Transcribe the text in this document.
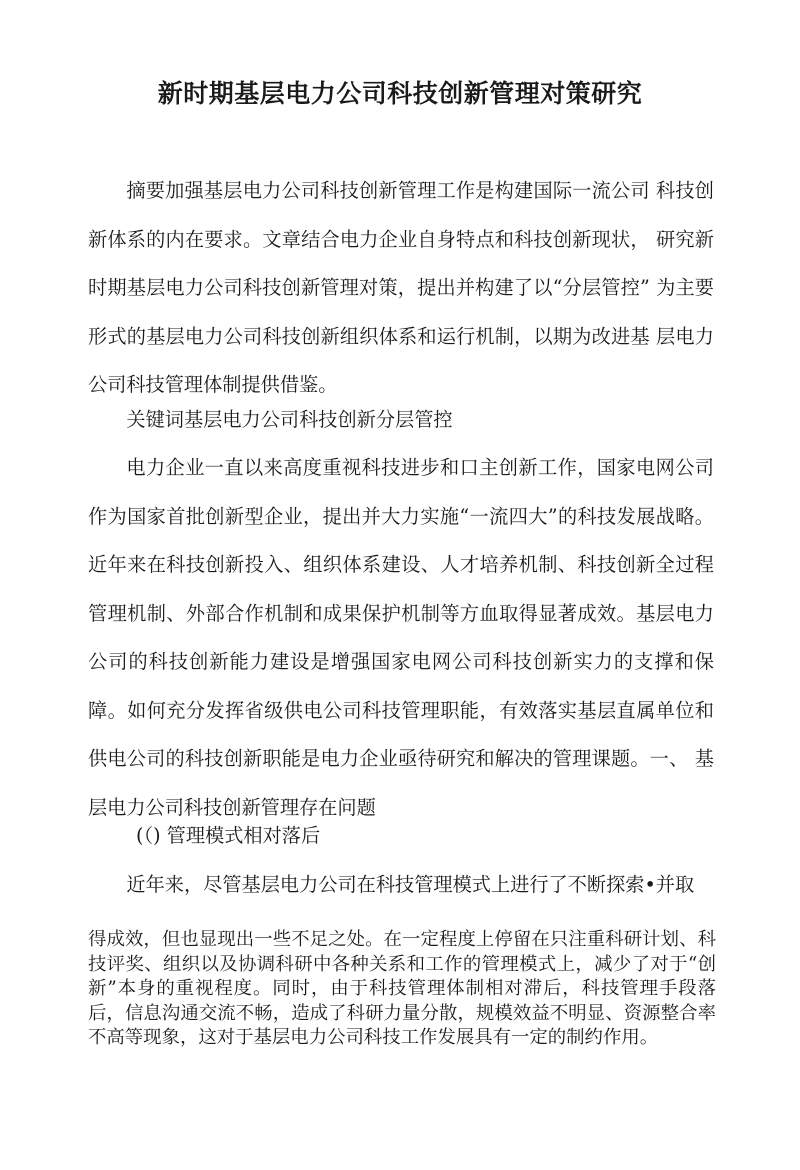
新时期基层电力公司科技创新管理对策研究

摘要加强基层电力公司科技创新管理工作是构建国际一流公司 科技创新体系的内在要求。文章结合电力企业自身特点和科技创新现状， 研究新时期基层电力公司科技创新管理对策，提出并构建了以“分层管控” 为主要形式的基层电力公司科技创新组织体系和运行机制，以期为改进基 层电力公司科技管理体制提供借鉴。

关键词基层电力公司科技创新分层管控

电力企业一直以来高度重视科技进步和口主创新工作，国家电网公司作为国家首批创新型企业，提出并大力实施“一流四大”的科技发展战略。近年来在科技创新投入、组织体系建设、人才培养机制、科技创新全过程管理机制、外部合作机制和成果保护机制等方血取得显著成效。基层电力公司的科技创新能力建设是增强国家电网公司科技创新实力的支撑和保障。如何充分发挥省级供电公司科技管理职能，有效落实基层直属单位和供电公司的科技创新职能是电力企业亟待研究和解决的管理课题。一、 基层电力公司科技创新管理存在问题

(（) 管理模式相对落后

近年来，尽管基层电力公司在科技管理模式上进行了不断探索•并取

得成效，但也显现出一些不足之处。在一定程度上停留在只注重科研计划、科技评奖、组织以及协调科研中各种关系和工作的管理模式上，减少了对于“创新”本身的重视程度。同时，由于科技管理体制相对滞后，科技管理手段落后，信息沟通交流不畅，造成了科研力量分散，规模效益不明显、资源整合率不高等现象，这对于基层电力公司科技工作发展具有一定的制约作用。
